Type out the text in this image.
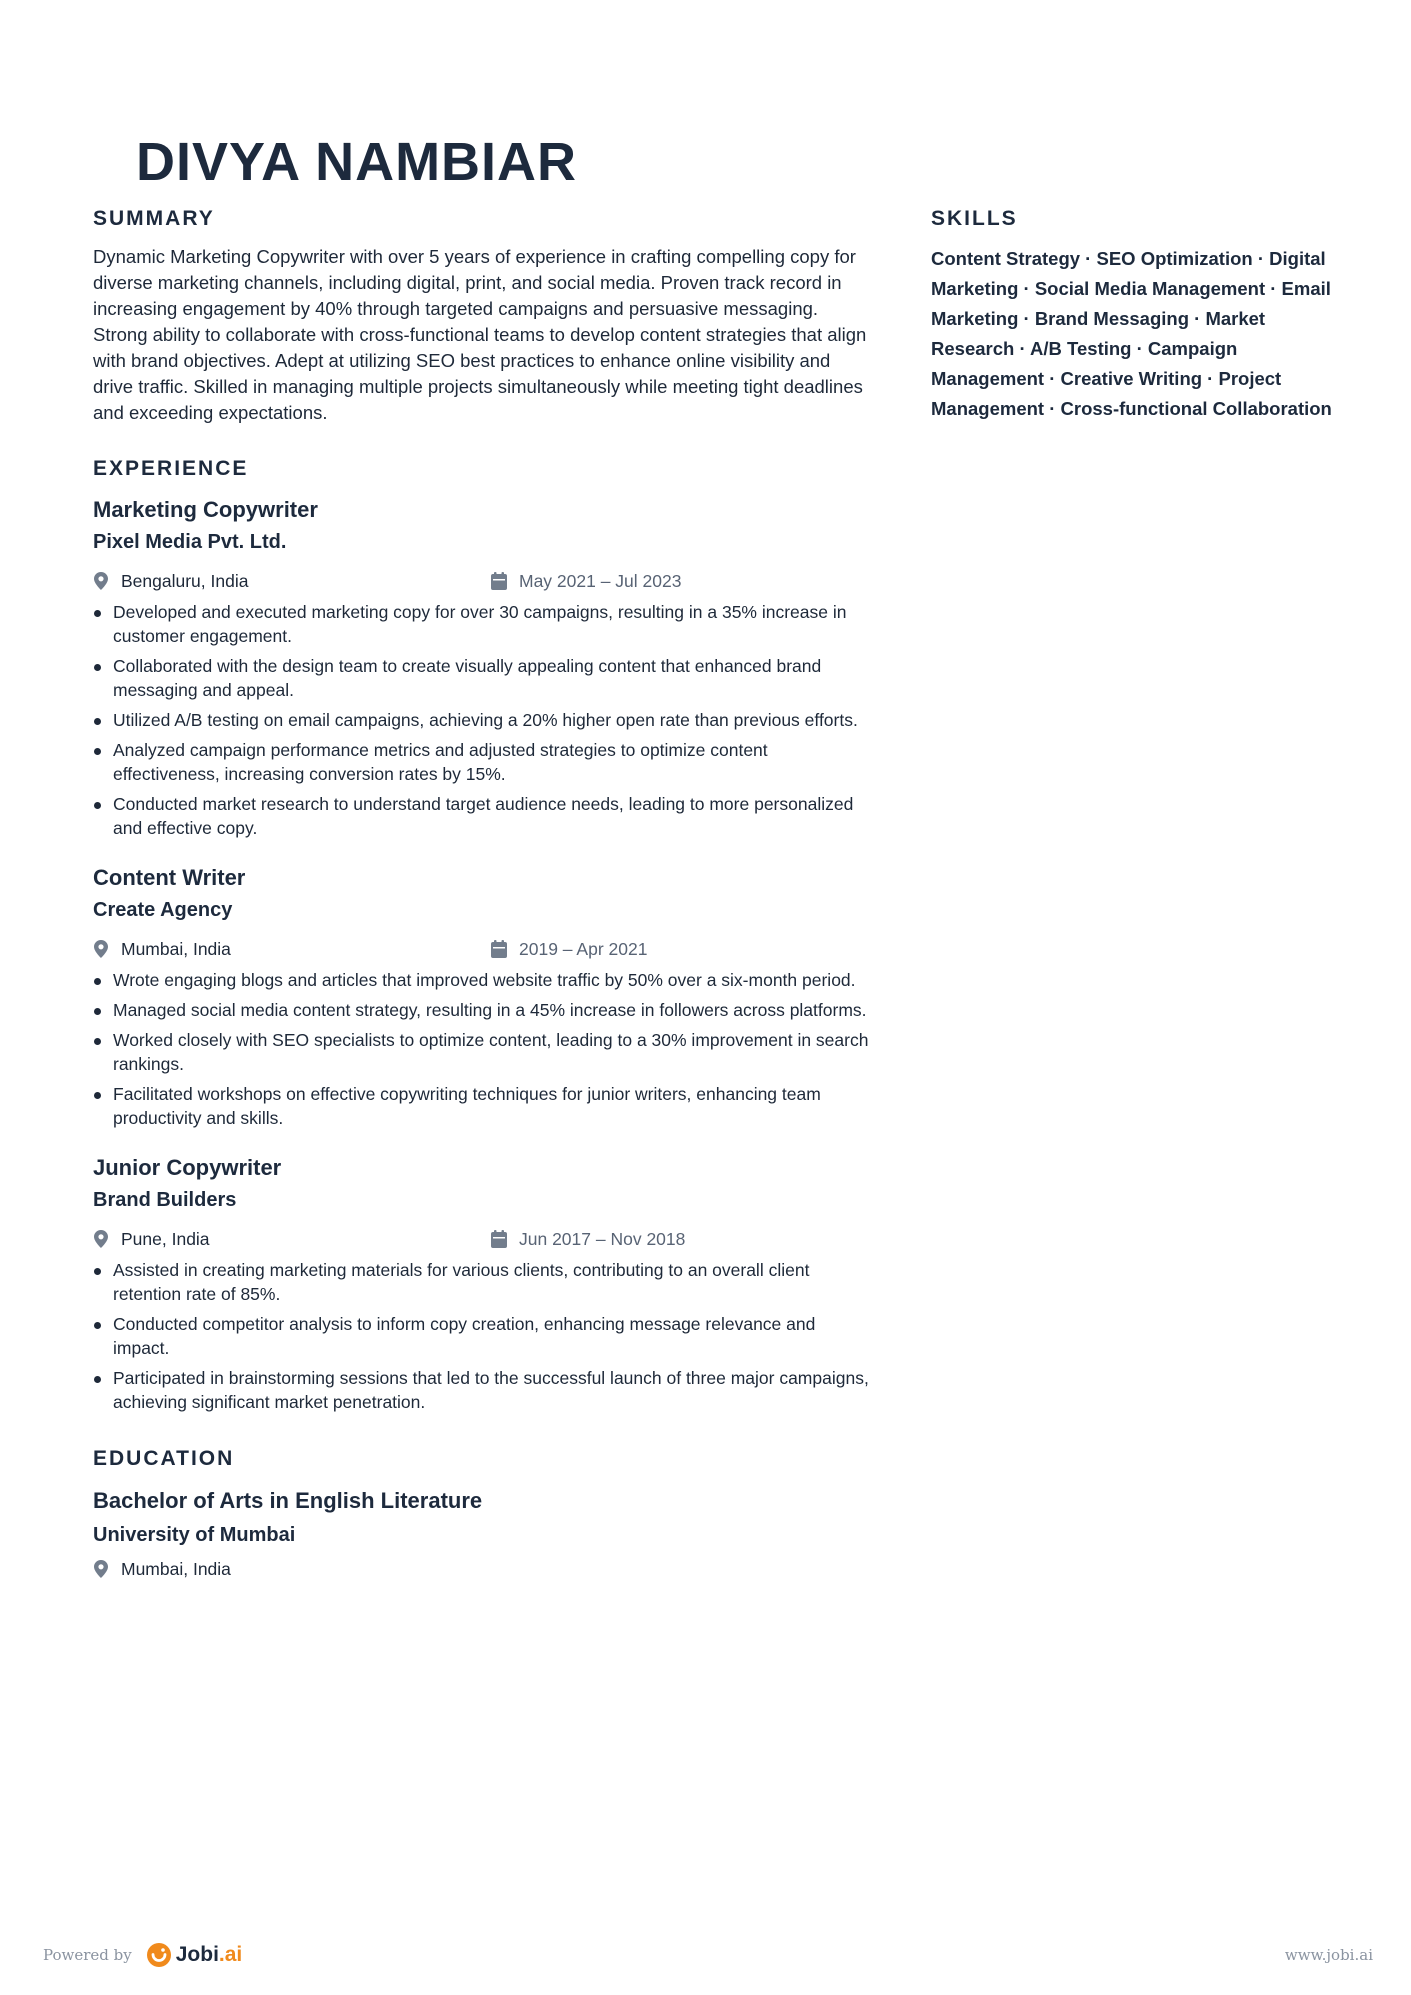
DIVYA NAMBIAR
SUMMARY

Dynamic Marketing Copywriter with over 5 years of experience in crafting compelling copy for diverse marketing channels, including digital, print, and social media. Proven track record in increasing engagement by 40% through targeted campaigns and persuasive messaging. Strong ability to collaborate with cross-functional teams to develop content strategies that align with brand objectives. Adept at utilizing SEO best practices to enhance online visibility and drive traffic. Skilled in managing multiple projects simultaneously while meeting tight deadlines and exceeding expectations.

EXPERIENCE
Marketing Copywriter

Pixel Media Pvt. Ltd.

Bengaluru, India	May 2021 – Jul 2023
Developed and executed marketing copy for over 30 campaigns, resulting in a 35% increase in customer engagement.
Collaborated with the design team to create visually appealing content that enhanced brand messaging and appeal.
Utilized A/B testing on email campaigns, achieving a 20% higher open rate than previous efforts.
Analyzed campaign performance metrics and adjusted strategies to optimize content effectiveness, increasing conversion rates by 15%.
Conducted market research to understand target audience needs, leading to more personalized and effective copy.
Content Writer

Create Agency

Mumbai, India	2019 – Apr 2021
Wrote engaging blogs and articles that improved website traffic by 50% over a six-month period.
Managed social media content strategy, resulting in a 45% increase in followers across platforms.
Worked closely with SEO specialists to optimize content, leading to a 30% improvement in search rankings.
Facilitated workshops on effective copywriting techniques for junior writers, enhancing team productivity and skills.
Junior Copywriter

Brand Builders

Pune, India	Jun 2017 – Nov 2018
Assisted in creating marketing materials for various clients, contributing to an overall client retention rate of 85%.
Conducted competitor analysis to inform copy creation, enhancing message relevance and impact.
Participated in brainstorming sessions that led to the successful launch of three major campaigns, achieving significant market penetration.
EDUCATION
Bachelor of Arts in English Literature

University of Mumbai

Mumbai, India
SKILLS

Content Strategy · SEO Optimization · Digital Marketing · Social Media Management · Email Marketing · Brand Messaging · Market Research · A/B Testing · Campaign Management · Creative Writing · Project Management · Cross-functional Collaboration

Powered by Jobi.ai	www.jobi.ai
